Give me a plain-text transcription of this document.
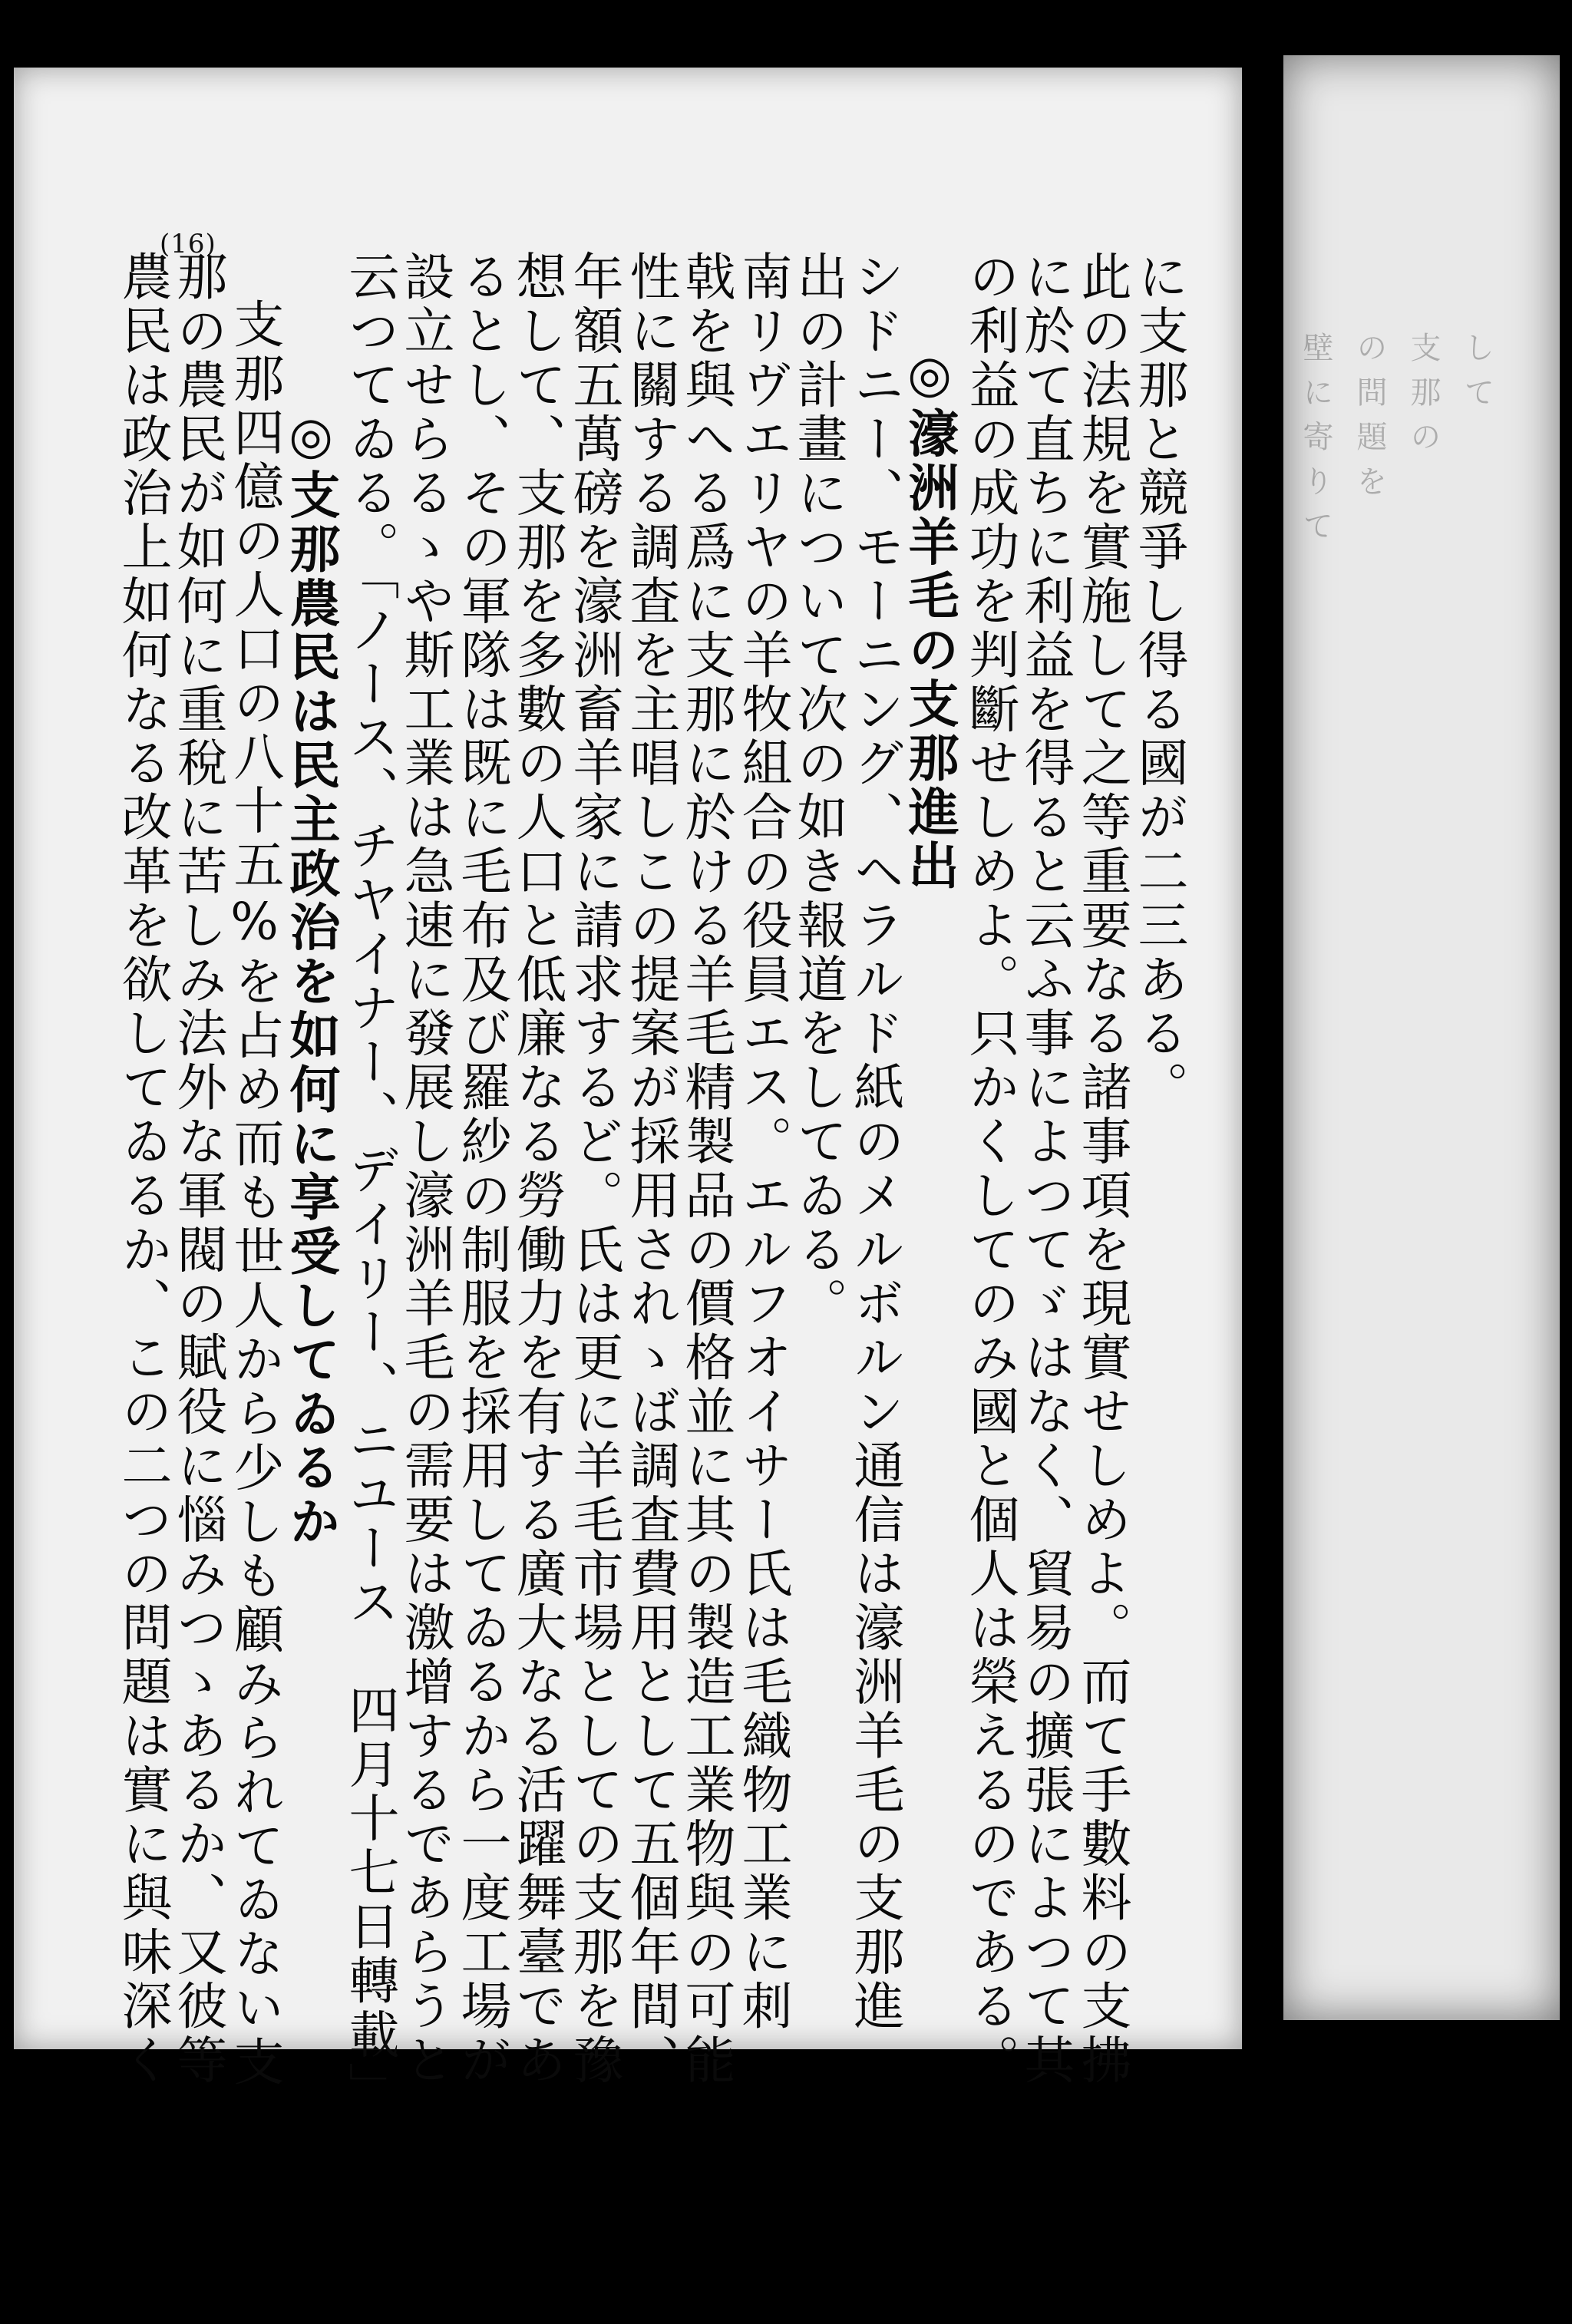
壁に寄りて の問題を 支那の して
(16)
に支那と競爭し得る國が二三ある。
此の法規を實施して之等重要なる諸事項を現實せしめよ。而て手數料の支拂
に於て直ちに利益を得ると云ふ事によつてゞはなく、貿易の擴張によつて其
の利益の成功を判斷せしめよ。只かくしてのみ國と個人は榮えるのである。
◎濠洲羊毛の支那進出
シドニー、モーニング、ヘラルド紙のメルボルン通信は濠洲羊毛の支那進
出の計畫について次の如き報道をしてゐる。
南リヴエリヤの羊牧組合の役員エス。エルフオイサー氏は毛織物工業に刺
戟を與へる爲に支那に於ける羊毛精製品の價格並に其の製造工業物與の可能
性に關する調査を主唱しこの提案が採用されゝば調査費用として五個年間、
年額五萬磅を濠洲畜羊家に請求するど。氏は更に羊毛市場としての支那を豫
想して、支那を多數の人口と低廉なる勞働力を有する廣大なる活躍舞臺であ
るとし、その軍隊は既に毛布及び羅紗の制服を採用してゐるから一度工場が
設立せらるゝや斯工業は急速に發展し濠洲羊毛の需要は激增するであらうと
云つてゐる。「ノース、チヤイナー、デイリー、ニユース　四月十七日轉載」
◎支那農民は民主政治を如何に享受してゐるか
支那四億の人口の八十五%を占め而も世人から少しも顧みられてゐない支
那の農民が如何に重稅に苦しみ法外な軍閥の賦役に惱みつゝあるか、又彼等
農民は政治上如何なる改革を欲してゐるか、この二つの問題は實に與味深く
